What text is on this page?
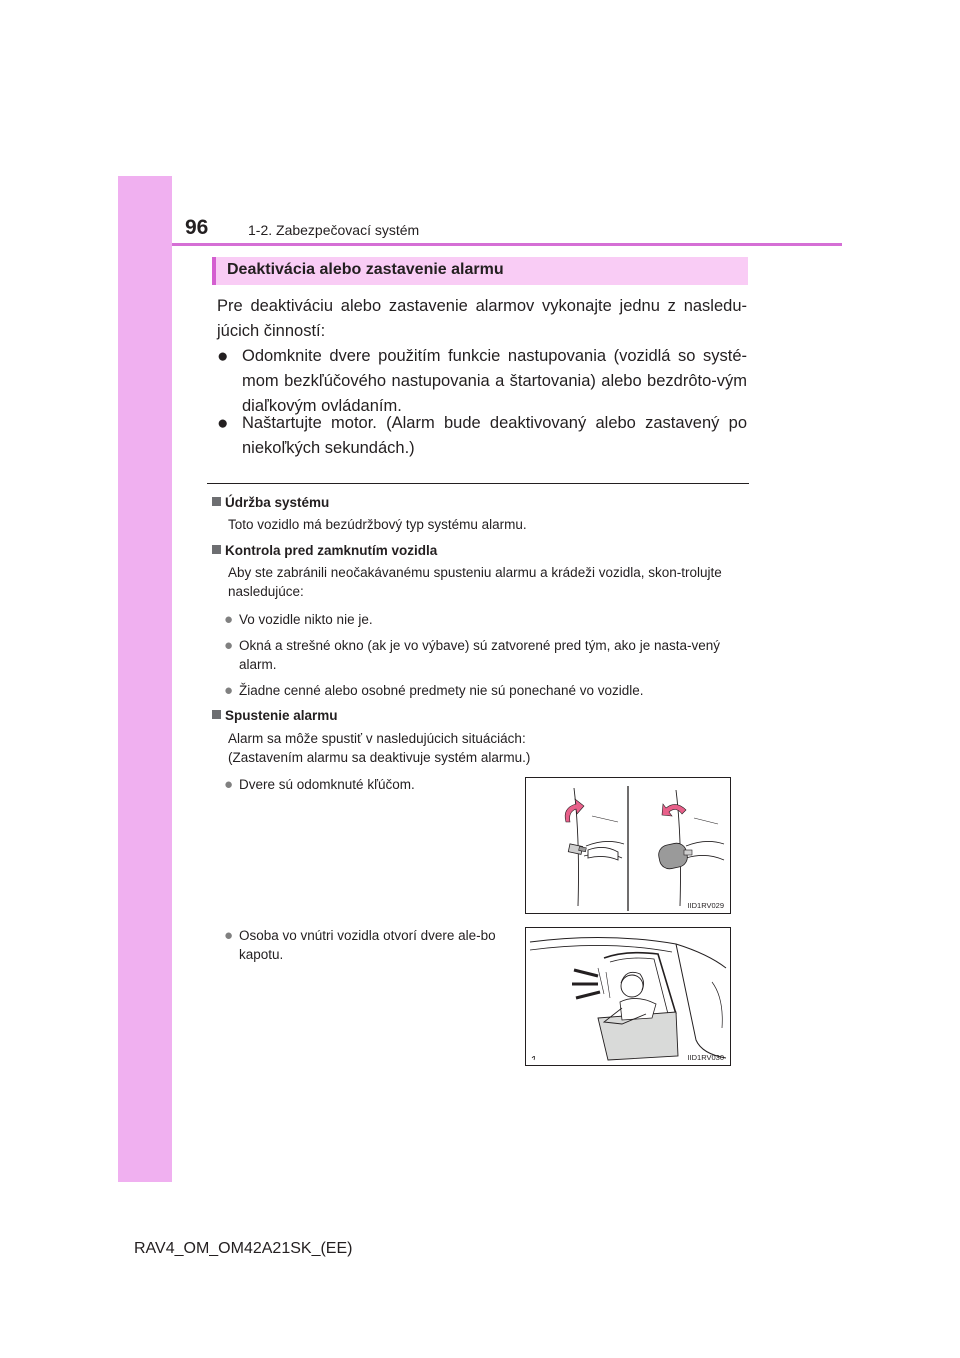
96	1-2. Zabezpečovací systém
Deaktivácia alebo zastavenie alarmu
Pre deaktiváciu alebo zastavenie alarmov vykonajte jednu z nasledu-júcich činností:
● Odomknite dvere použitím funkcie nastupovania (vozidlá so systé-mom bezkľúčového nastupovania a štartovania) alebo bezdrôto-vým diaľkovým ovládaním.
● Naštartujte motor. (Alarm bude deaktivovaný alebo zastavený po niekoľkých sekundách.)
Údržba systému
Toto vozidlo má bezúdržbový typ systému alarmu.
Kontrola pred zamknutím vozidla
Aby ste zabránili neočakávanému spusteniu alarmu a krádeži vozidla, skon-trolujte nasledujúce:
● Vo vozidle nikto nie je.
● Okná a strešné okno (ak je vo výbave) sú zatvorené pred tým, ako je nasta-vený alarm.
● Žiadne cenné alebo osobné predmety nie sú ponechané vo vozidle.
Spustenie alarmu
Alarm sa môže spustiť v nasledujúcich situáciách:
(Zastavením alarmu sa deaktivuje systém alarmu.)
● Dvere sú odomknuté kľúčom.
● Osoba vo vnútri vozidla otvorí dvere ale-bo kapotu.
IID1RV029
IID1RV030
RAV4_OM_OM42A21SK_(EE)
